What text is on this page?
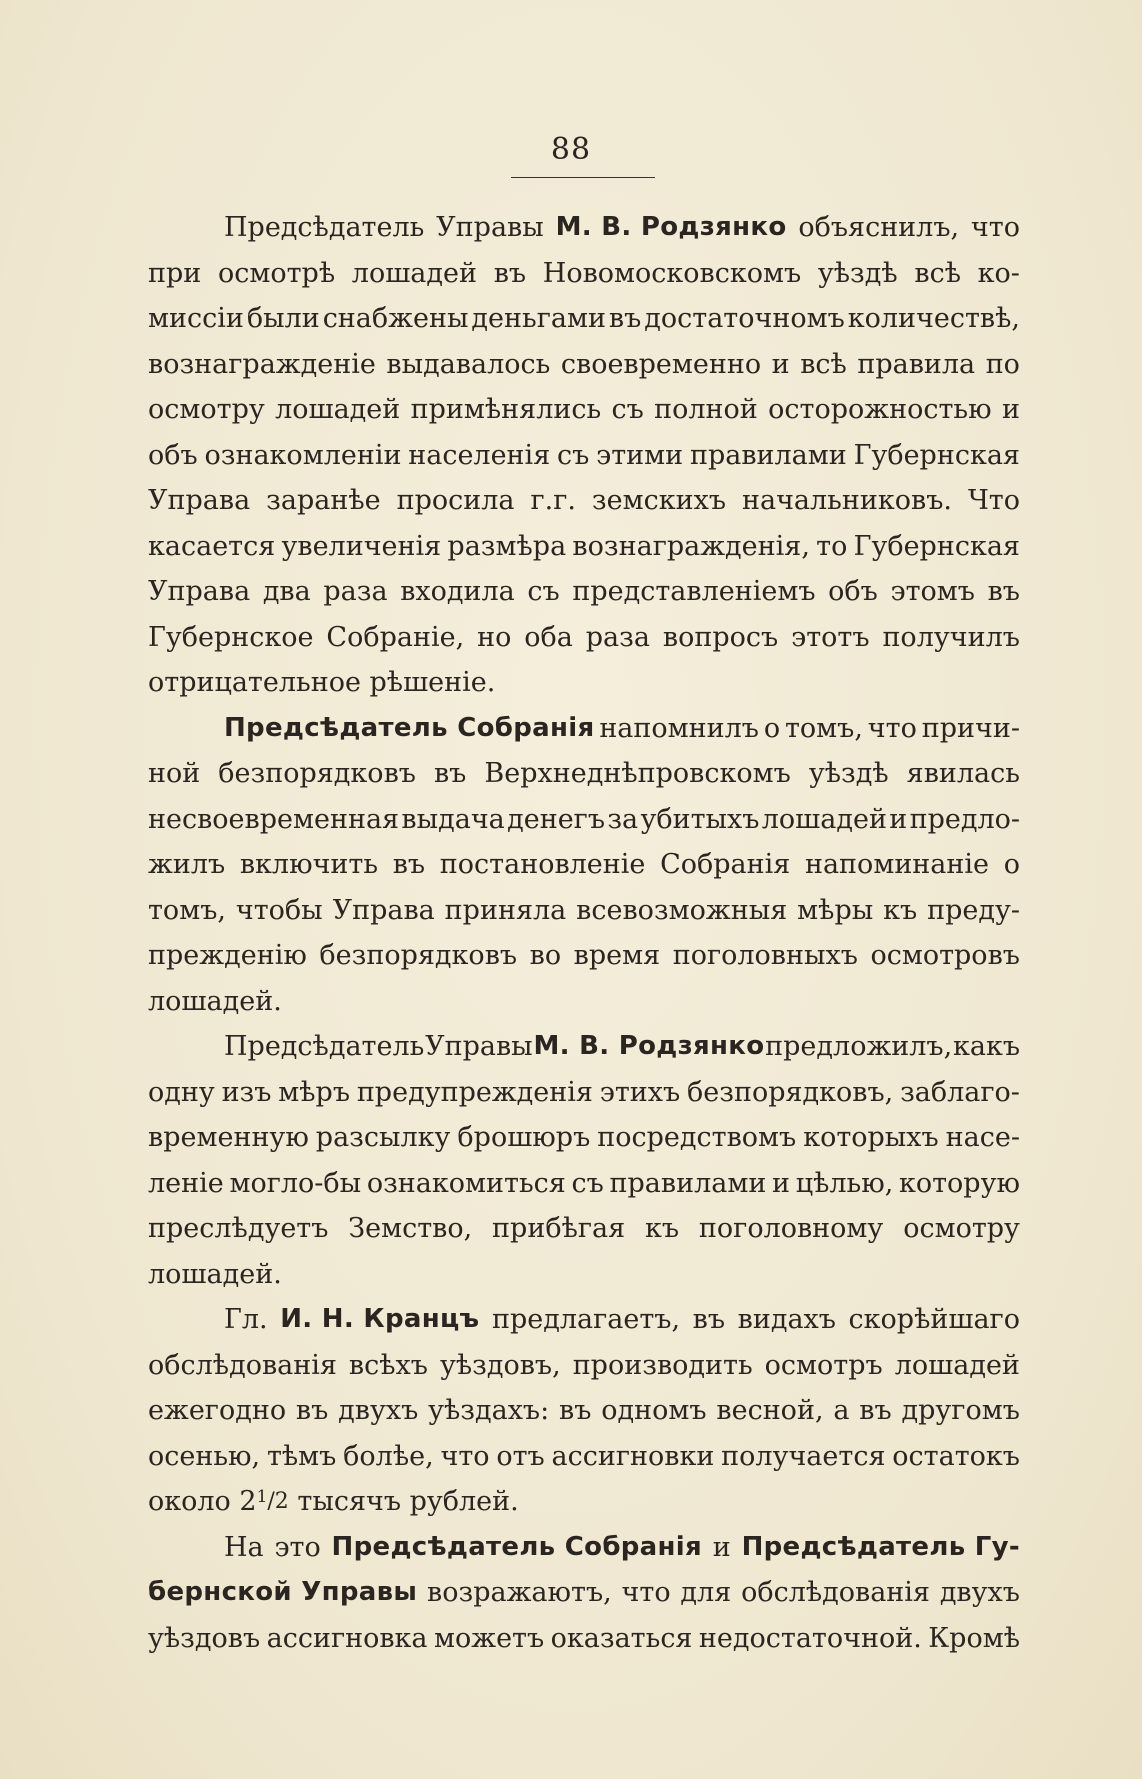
88
Предсѣдатель Управы М. В. Родзянко объяснилъ, что
при осмотрѣ лошадей въ Новомосковскомъ уѣздѣ всѣ ко-
миссіи были снабжены деньгами въ достаточномъ количествѣ,
вознагражденіе выдавалось своевременно и всѣ правила по
осмотру лошадей примѣнялись съ полной осторожностью и
объ ознакомленіи населенія съ этими правилами Губернская
Управа заранѣе просила г.г. земскихъ начальниковъ. Что
касается увеличенія размѣра вознагражденія, то Губернская
Управа два раза входила съ представленіемъ объ этомъ въ
Губернское Собраніе, но оба раза вопросъ этотъ получилъ
отрицательное рѣшеніе.
Предсѣдатель Собранія напомнилъ о томъ, что причи-
ной безпорядковъ въ Верхнеднѣпровскомъ уѣздѣ явилась
несвоевременная выдача денегъ за убитыхъ лошадей и предло-
жилъ включить въ постановленіе Собранія напоминаніе о
томъ, чтобы Управа приняла всевозможныя мѣры къ преду-
прежденію безпорядковъ во время поголовныхъ осмотровъ
лошадей.
Предсѣдатель Управы М. В. Родзянко предложилъ, какъ
одну изъ мѣръ предупрежденія этихъ безпорядковъ, заблаго-
временную разсылку брошюръ посредствомъ которыхъ насе-
леніе могло-бы ознакомиться съ правилами и цѣлью, которую
преслѣдуетъ Земство, прибѣгая къ поголовному осмотру
лошадей.
Гл. И. Н. Кранцъ предлагаетъ, въ видахъ скорѣйшаго
обслѣдованія всѣхъ уѣздовъ, производить осмотръ лошадей
ежегодно въ двухъ уѣздахъ: въ одномъ весной, а въ другомъ
осенью, тѣмъ болѣе, что отъ ассигновки получается остатокъ
около 2 1 /2 тысячъ рублей.
На это Предсѣдатель Собранія и Предсѣдатель Гу-
бернской Управы возражаютъ, что для обслѣдованія двухъ
уѣздовъ ассигновка можетъ оказаться недостаточной. Кромѣ
